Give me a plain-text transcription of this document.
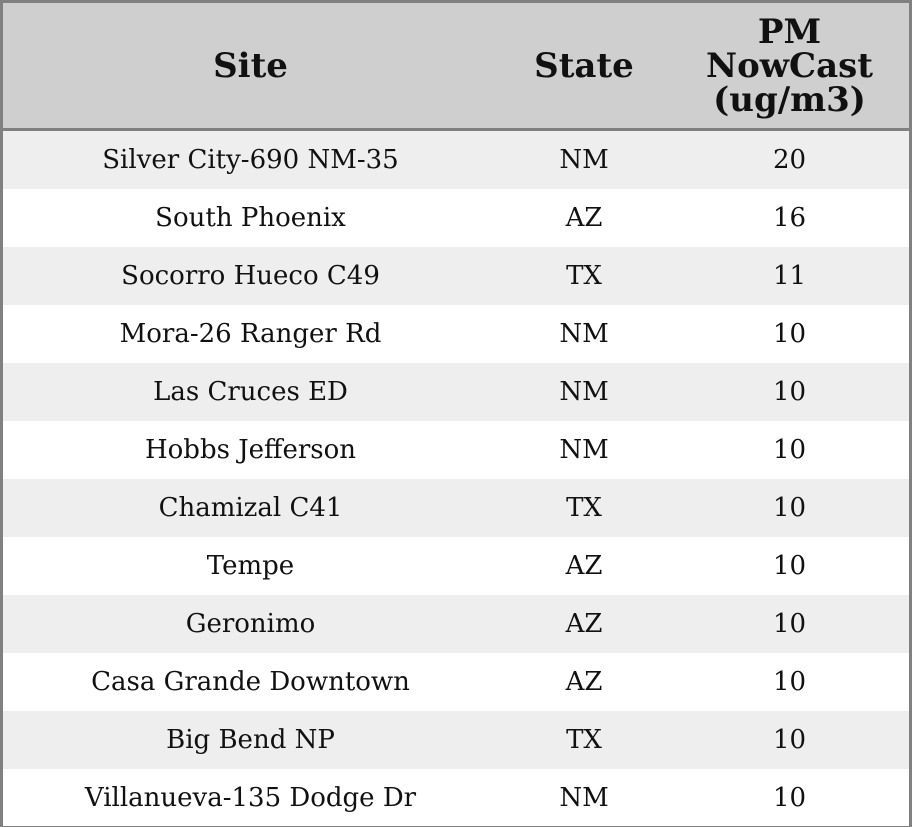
Site	State	PM
NowCast
(ug/m3)

Silver City-690 NM-35	NM	20
South Phoenix	AZ	16
Socorro Hueco C49	TX	11
Mora-26 Ranger Rd	NM	10
Las Cruces ED	NM	10
Hobbs Jefferson	NM	10
Chamizal C41	TX	10
Tempe	AZ	10
Geronimo	AZ	10
Casa Grande Downtown	AZ	10
Big Bend NP	TX	10
Villanueva-135 Dodge Dr	NM	10
